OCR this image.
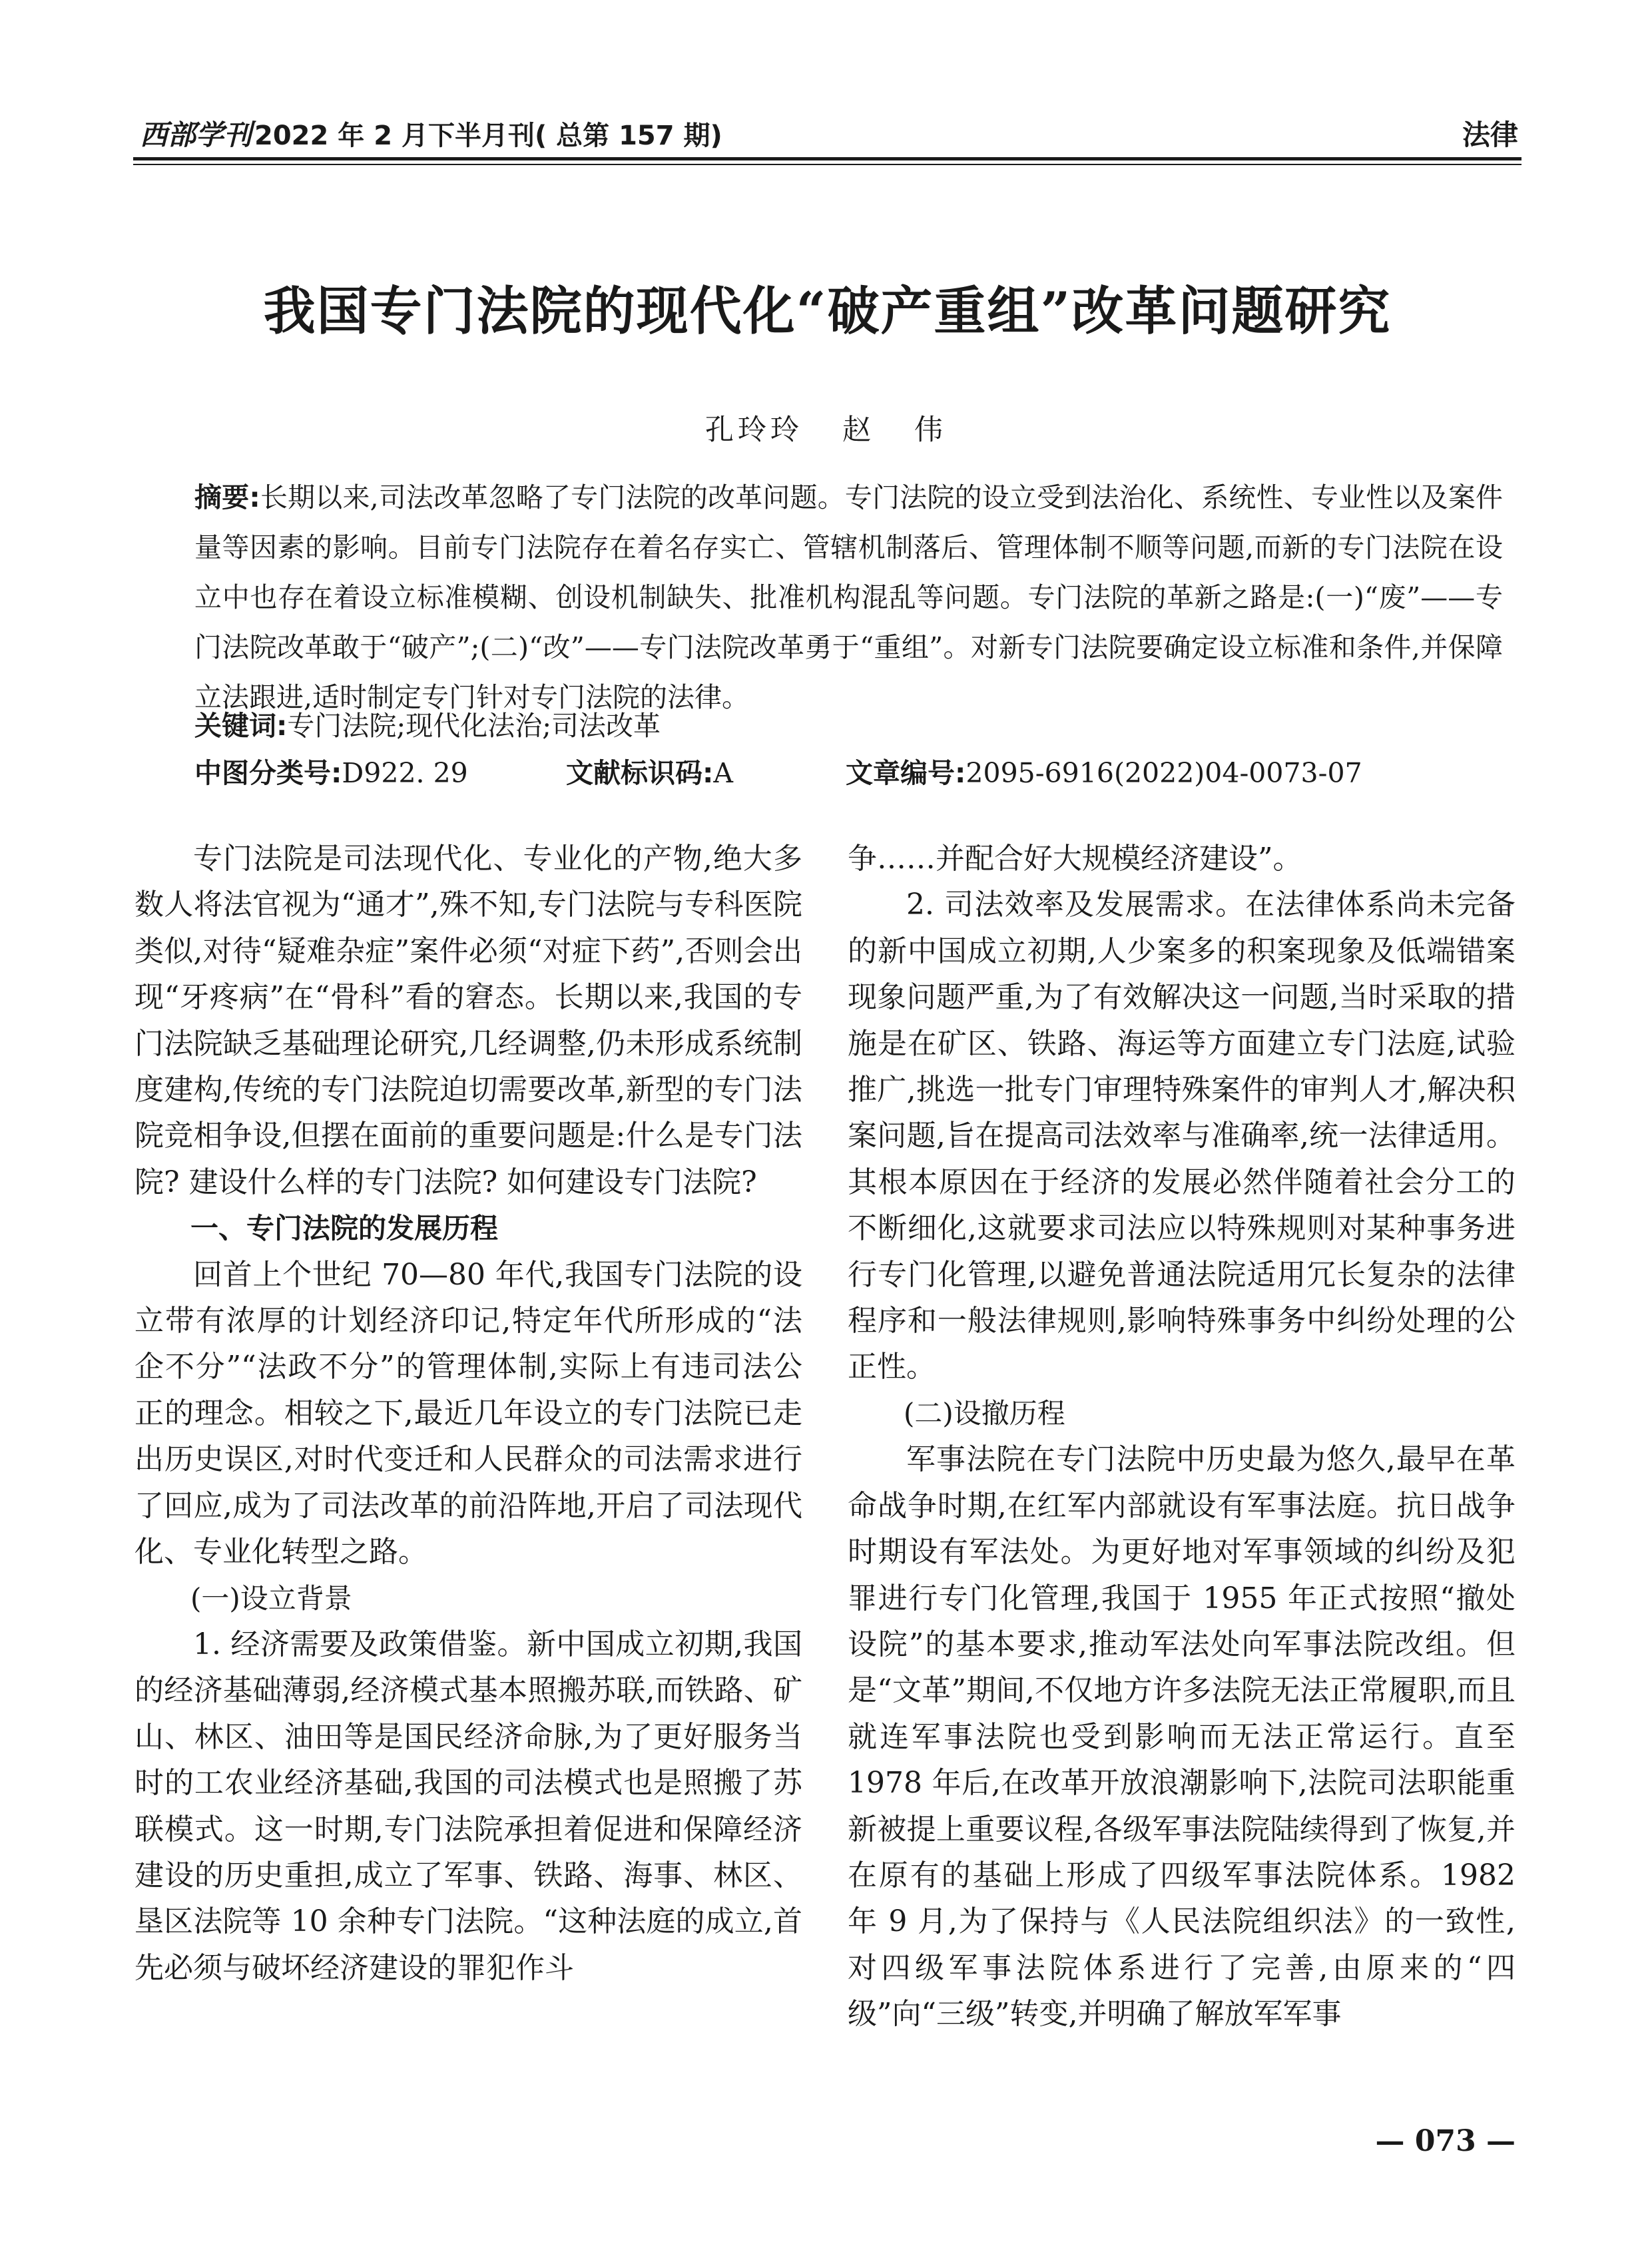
西部学刊 2022 年 2 月下半月刊( 总第 157 期)	法律
我国专门法院的现代化“破产重组”改革问题研究
孔玲玲   赵   伟
摘要:长期以来,司法改革忽略了专门法院的改革问题。专门法院的设立受到法治化、系统性、专业性以及案件量等因素的影响。目前专门法院存在着名存实亡、管辖机制落后、管理体制不顺等问题,而新的专门法院在设立中也存在着设立标准模糊、创设机制缺失、批准机构混乱等问题。专门法院的革新之路是:(一)“废”——专门法院改革敢于“破产”;(二)“改”——专门法院改革勇于“重组”。对新专门法院要确定设立标准和条件,并保障立法跟进,适时制定专门针对专门法院的法律。
关键词:专门法院;现代化法治;司法改革
中图分类号:D922. 29	文献标识码:A	文章编号:2095-6916(2022)04-0073-07

专门法院是司法现代化、专业化的产物,绝大多数人将法官视为“通才”,殊不知,专门法院与专科医院类似,对待“疑难杂症”案件必须“对症下药”,否则会出现“牙疼病”在“骨科”看的窘态。长期以来,我国的专门法院缺乏基础理论研究,几经调整,仍未形成系统制度建构,传统的专门法院迫切需要改革,新型的专门法院竞相争设,但摆在面前的重要问题是:什么是专门法院? 建设什么样的专门法院? 如何建设专门法院?

一、专门法院的发展历程

回首上个世纪 70—80 年代,我国专门法院的设立带有浓厚的计划经济印记,特定年代所形成的“法企不分”“法政不分”的管理体制,实际上有违司法公正的理念。相较之下,最近几年设立的专门法院已走出历史误区,对时代变迁和人民群众的司法需求进行了回应,成为了司法改革的前沿阵地,开启了司法现代化、专业化转型之路。

(一)设立背景

1. 经济需要及政策借鉴。新中国成立初期,我国的经济基础薄弱,经济模式基本照搬苏联,而铁路、矿山、林区、油田等是国民经济命脉,为了更好服务当时的工农业经济基础,我国的司法模式也是照搬了苏联模式。这一时期,专门法院承担着促进和保障经济建设的历史重担,成立了军事、铁路、海事、林区、垦区法院等 10 余种专门法院。“这种法庭的成立,首先必须与破坏经济建设的罪犯作斗

争……并配合好大规模经济建设”。

2. 司法效率及发展需求。在法律体系尚未完备的新中国成立初期,人少案多的积案现象及低端错案现象问题严重,为了有效解决这一问题,当时采取的措施是在矿区、铁路、海运等方面建立专门法庭,试验推广,挑选一批专门审理特殊案件的审判人才,解决积案问题,旨在提高司法效率与准确率,统一法律适用。其根本原因在于经济的发展必然伴随着社会分工的不断细化,这就要求司法应以特殊规则对某种事务进行专门化管理,以避免普通法院适用冗长复杂的法律程序和一般法律规则,影响特殊事务中纠纷处理的公正性。

(二)设撤历程

军事法院在专门法院中历史最为悠久,最早在革命战争时期,在红军内部就设有军事法庭。抗日战争时期设有军法处。为更好地对军事领域的纠纷及犯罪进行专门化管理,我国于 1955 年正式按照“撤处设院”的基本要求,推动军法处向军事法院改组。但是“文革”期间,不仅地方许多法院无法正常履职,而且就连军事法院也受到影响而无法正常运行。直至 1978 年后,在改革开放浪潮影响下,法院司法职能重新被提上重要议程,各级军事法院陆续得到了恢复,并在原有的基础上形成了四级军事法院体系。1982 年 9 月,为了保持与《人民法院组织法》的一致性,对四级军事法院体系进行了完善,由原来的“四级”向“三级”转变,并明确了解放军军事

— 073 —
